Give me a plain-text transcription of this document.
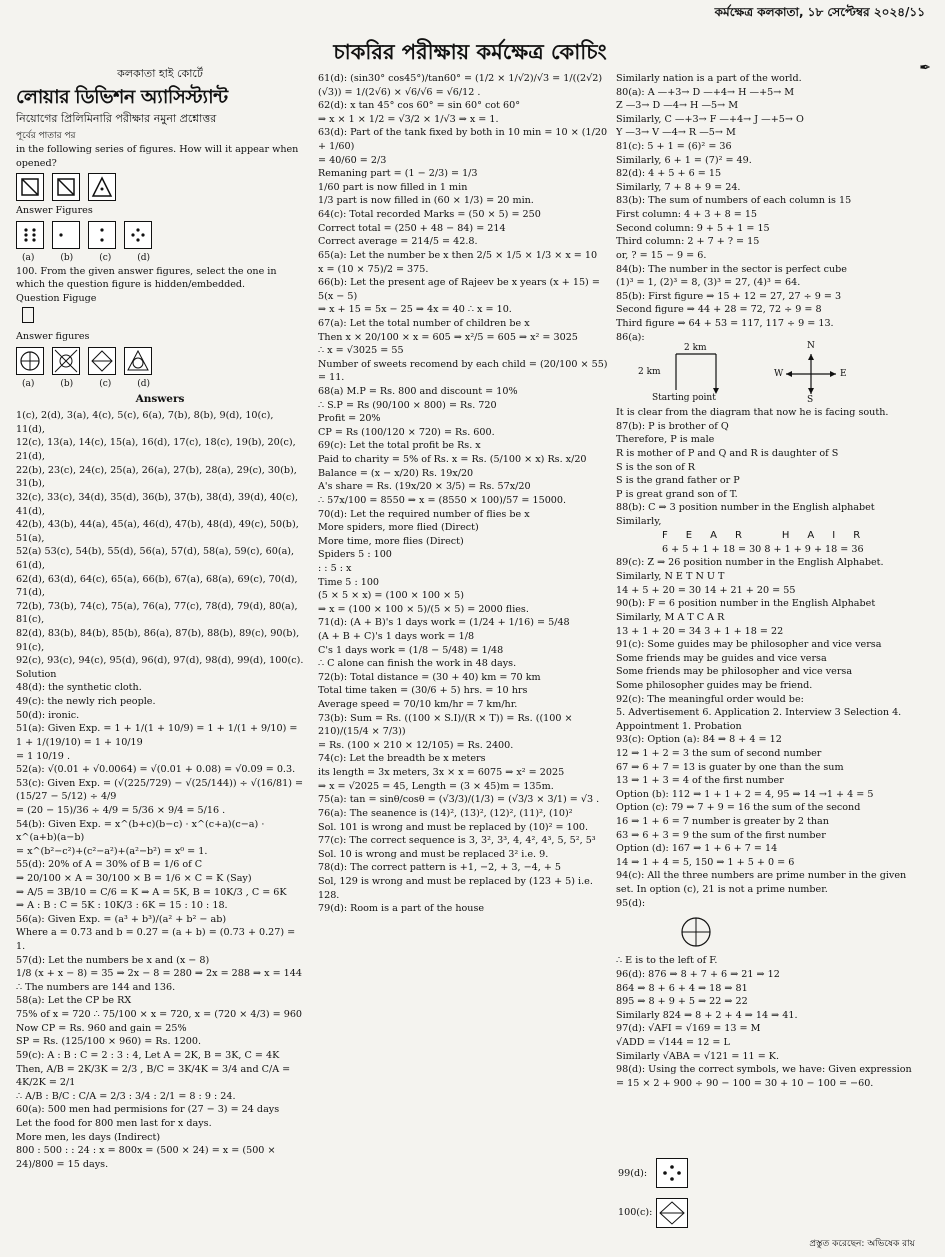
কর্মক্ষেত্র কলকাতা, ১৮ সেপ্টেম্বর ২০২৪/১১
✒
চাকরির পরীক্ষায় কর্মক্ষেত্র কোচিং
কলকাতা হাই কোর্টে
লোয়ার ডিভিশন অ্যাসিস্ট্যান্ট
নিয়োগের প্রিলিমিনারি পরীক্ষার নমুনা প্রশ্নোত্তর
পূর্বের পাতার পর
in the following series of figures. How will it appear when opened?
Answer Figures
(a)	(b)	(c)	(d)
100. From the given answer figures, select the one in which the question figure is hidden/embedded.
Question Figuge
Answer figures
(a)	(b)	(c)	(d)
Answers
1(c), 2(d), 3(a), 4(c), 5(c), 6(a), 7(b), 8(b), 9(d), 10(c), 11(d),
12(c), 13(a), 14(c), 15(a), 16(d), 17(c), 18(c), 19(b), 20(c), 21(d),
22(b), 23(c), 24(c), 25(a), 26(a), 27(b), 28(a), 29(c), 30(b), 31(b),
32(c), 33(c), 34(d), 35(d), 36(b), 37(b), 38(d), 39(d), 40(c), 41(d),
42(b), 43(b), 44(a), 45(a), 46(d), 47(b), 48(d), 49(c), 50(b), 51(a),
52(a) 53(c), 54(b), 55(d), 56(a), 57(d), 58(a), 59(c), 60(a), 61(d),
62(d), 63(d), 64(c), 65(a), 66(b), 67(a), 68(a), 69(c), 70(d), 71(d),
72(b), 73(b), 74(c), 75(a), 76(a), 77(c), 78(d), 79(d), 80(a), 81(c),
82(d), 83(b), 84(b), 85(b), 86(a), 87(b), 88(b), 89(c), 90(b), 91(c),
92(c), 93(c), 94(c), 95(d), 96(d), 97(d), 98(d), 99(d), 100(c).
Solution
48(d): the synthetic cloth.
49(c): the newly rich people.
50(d): ironic.
51(a): Given Exp. = 1 + 1/(1 + 10/9) = 1 + 1/(1 + 9/10) = 1 + 1/(19/10) = 1 + 10/19
= 1 10/19 .
52(a): √(0.01 + √0.0064) = √(0.01 + 0.08) = √0.09 = 0.3.
53(c): Given Exp. = (√(225/729) − √(25/144)) ÷ √(16/81) = (15/27 − 5/12) ÷ 4/9
= (20 − 15)/36 ÷ 4/9 = 5/36 × 9/4 = 5/16 .
54(b): Given Exp. = x^(b+c)(b−c) · x^(c+a)(c−a) · x^(a+b)(a−b)
= x^(b²−c²)+(c²−a²)+(a²−b²) = x⁰ = 1.
55(d): 20% of A = 30% of B = 1/6 of C
⇒ 20/100 × A = 30/100 × B = 1/6 × C = K (Say)
⇒ A/5 = 3B/10 = C/6 = K ⇒ A = 5K, B = 10K/3 , C = 6K
⇒ A : B : C = 5K : 10K/3 : 6K = 15 : 10 : 18.
56(a): Given Exp. = (a³ + b³)/(a² + b² − ab)
Where a = 0.73 and b = 0.27 = (a + b) = (0.73 + 0.27) = 1.
57(d): Let the numbers be x and (x − 8)
1/8 (x + x − 8) = 35 ⇒ 2x − 8 = 280 ⇒ 2x = 288 ⇒ x = 144
∴ The numbers are 144 and 136.
58(a): Let the CP be RX
75% of x = 720 ∴ 75/100 × x = 720, x = (720 × 4/3) = 960
Now CP = Rs. 960 and gain = 25%
SP = Rs. (125/100 × 960) = Rs. 1200.
59(c): A : B : C = 2 : 3 : 4, Let A = 2K, B = 3K, C = 4K
Then, A/B = 2K/3K = 2/3 , B/C = 3K/4K = 3/4 and C/A = 4K/2K = 2/1
∴ A/B : B/C : C/A = 2/3 : 3/4 : 2/1 = 8 : 9 : 24.
60(a): 500 men had permisions for (27 − 3) = 24 days
Let the food for 800 men last for x days.
More men, les days (Indirect)
800 : 500 : : 24 : x = 800x = (500 × 24) = x = (500 × 24)/800 = 15 days.
61(d): (sin30° cos45°)/tan60° = (1/2 × 1/√2)/√3 = 1/((2√2)(√3)) = 1/(2√6) × √6/√6 = √6/12 .
62(d): x tan 45° cos 60° = sin 60° cot 60°
⇒ x × 1 × 1/2 = √3/2 × 1/√3 ⇒ x = 1.
63(d): Part of the tank fixed by both in 10 min = 10 × (1/20 + 1/60)
= 40/60 = 2/3
Remaning part = (1 − 2/3) = 1/3
1/60 part is now filled in 1 min
1/3 part is now filled in (60 × 1/3) = 20 min.
64(c): Total recorded Marks = (50 × 5) = 250
Correct total = (250 + 48 − 84) = 214
Correct average = 214/5 = 42.8.
65(a): Let the number be x then 2/5 × 1/5 × 1/3 × x = 10
x = (10 × 75)/2 = 375.
66(b): Let the present age of Rajeev be x years (x + 15) = 5(x − 5)
⇒ x + 15 = 5x − 25 ⇒ 4x = 40 ∴ x = 10.
67(a): Let the total number of children be x
Then x × 20/100 × x = 605 ⇒ x²/5 = 605 ⇒ x² = 3025
∴ x = √3025 = 55
Number of sweets recomend by each child = (20/100 × 55) = 11.
68(a) M.P = Rs. 800 and discount = 10%
∴ S.P = Rs (90/100 × 800) = Rs. 720
Profit = 20%
CP = Rs (100/120 × 720) = Rs. 600.
69(c): Let the total profit be Rs. x
Paid to charity = 5% of Rs. x = Rs. (5/100 × x) Rs. x/20
Balance = (x − x/20) Rs. 19x/20
A's share = Rs. (19x/20 × 3/5) = Rs. 57x/20
∴ 57x/100 = 8550 ⇒ x = (8550 × 100)/57 = 15000.
70(d): Let the required number of flies be x
More spiders, more flied (Direct)
More time, more flies (Direct)
Spiders 5 : 100
: : 5 : x
Time 5 : 100
(5 × 5 × x) = (100 × 100 × 5)
⇒ x = (100 × 100 × 5)/(5 × 5) = 2000 flies.
71(d): (A + B)'s 1 days work = (1/24 + 1/16) = 5/48
(A + B + C)'s 1 days work = 1/8
C's 1 days work = (1/8 − 5/48) = 1/48
∴ C alone can finish the work in 48 days.
72(b): Total distance = (30 + 40) km = 70 km
Total time taken = (30/6 + 5) hrs. = 10 hrs
Average speed = 70/10 km/hr = 7 km/hr.
73(b): Sum = Rs. ((100 × S.I)/(R × T)) = Rs. ((100 × 210)/(15/4 × 7/3))
= Rs. (100 × 210 × 12/105) = Rs. 2400.
74(c): Let the breadth be x meters
its length = 3x meters, 3x × x = 6075 ⇒ x² = 2025
⇒ x = √2025 = 45, Length = (3 × 45)m = 135m.
75(a): tan = sinθ/cosθ = (√3/3)/(1/3) = (√3/3 × 3/1) = √3 .
76(a): The seanence is (14)², (13)², (12)², (11)², (10)²
Sol. 101 is wrong and must be replaced by (10)² = 100.
77(c): The correct sequence is 3, 3², 3³, 4, 4², 4³, 5, 5², 5³
Sol. 10 is wrong and must be replaced 3² i.e. 9.
78(d): The correct pattern is +1, −2, + 3, −4, + 5
Sol, 129 is wrong and must be replaced by (123 + 5) i.e. 128.
79(d): Room is a part of the house
Similarly nation is a part of the world.
80(a): A —+3→ D —+4→ H —+5→ M
Z —3→ D —4→ H —5→ M
Similarly, C —+3→ F —+4→ J —+5→ O
Y —3→ V —4→ R —5→ M
81(c): 5 + 1 = (6)² = 36
Similarly, 6 + 1 = (7)² = 49.
82(d): 4 + 5 + 6 = 15
Similarly, 7 + 8 + 9 = 24.
83(b): The sum of numbers of each column is 15
First column: 4 + 3 + 8 = 15
Second column: 9 + 5 + 1 = 15
Third column: 2 + 7 + ? = 15
or, ? = 15 − 9 = 6.
84(b): The number in the sector is perfect cube
(1)³ = 1, (2)³ = 8, (3)³ = 27, (4)³ = 64.
85(b): First figure ⇒ 15 + 12 = 27, 27 ÷ 9 = 3
Second figure ⇒ 44 + 28 = 72, 72 ÷ 9 = 8
Third figure ⇒ 64 + 53 = 117, 117 ÷ 9 = 13.
86(a):
2 km
2 km
Starting point
N
S
E
W
It is clear from the diagram that now he is facing south.
87(b): P is brother of Q
Therefore, P is male
R is mother of P and Q and R is daughter of S
S is the son of R
S is the grand father or P
P is great grand son of T.
88(b): C ⇒ 3 position number in the English alphabet
Similarly,
F E A R	H A I R
6 + 5 + 1 + 18 = 30 8 + 1 + 9 + 18 = 36
89(c): Z ⇒ 26 position number in the English Alphabet.
Similarly, N E T N U T
14 + 5 + 20 = 30 14 + 21 + 20 = 55
90(b): F = 6 position number in the English Alphabet
Similarly, M A T C A R
13 + 1 + 20 = 34 3 + 1 + 18 = 22
91(c): Some guides may be philosopher and vice versa
Some friends may be guides and vice versa
Some friends may be philosopher and vice versa
Some philosopher guides may be friend.
92(c): The meaningful order would be:
5. Advertisement 6. Application 2. Interview 3 Selection 4. Appointment 1. Probation
93(c): Option (a): 84 ⇒ 8 + 4 = 12
12 ⇒ 1 + 2 = 3 the sum of second number
67 ⇒ 6 + 7 = 13 is guater by one than the sum
13 ⇒ 1 + 3 = 4 of the first number
Option (b): 112 ⇒ 1 + 1 + 2 = 4, 95 ⇒ 14 →1 + 4 = 5
Option (c): 79 ⇒ 7 + 9 = 16 the sum of the second
16 ⇒ 1 + 6 = 7 number is greater by 2 than
63 ⇒ 6 + 3 = 9 the sum of the first number
Option (d): 167 ⇒ 1 + 6 + 7 = 14
14 ⇒ 1 + 4 = 5, 150 ⇒ 1 + 5 + 0 = 6
94(c): All the three numbers are prime number in the given set. In option (c), 21 is not a prime number.
95(d):
∴ E is to the left of F.
96(d): 876 ⇒ 8 + 7 + 6 ⇒ 21 ⇒ 12
864 ⇒ 8 + 6 + 4 ⇒ 18 ⇒ 81
895 ⇒ 8 + 9 + 5 ⇒ 22 ⇒ 22
Similarly 824 ⇒ 8 + 2 + 4 ⇒ 14 ⇒ 41.
97(d): √AFI = √169 = 13 = M
√ADD = √144 = 12 = L
Similarly √ABA = √121 = 11 = K.
98(d): Using the correct symbols, we have: Given expression = 15 × 2 + 900 ÷ 90 − 100 = 30 + 10 − 100 = −60.
99(d):
100(c):
প্রস্তুত করেছেন: অভিষেক রায়
